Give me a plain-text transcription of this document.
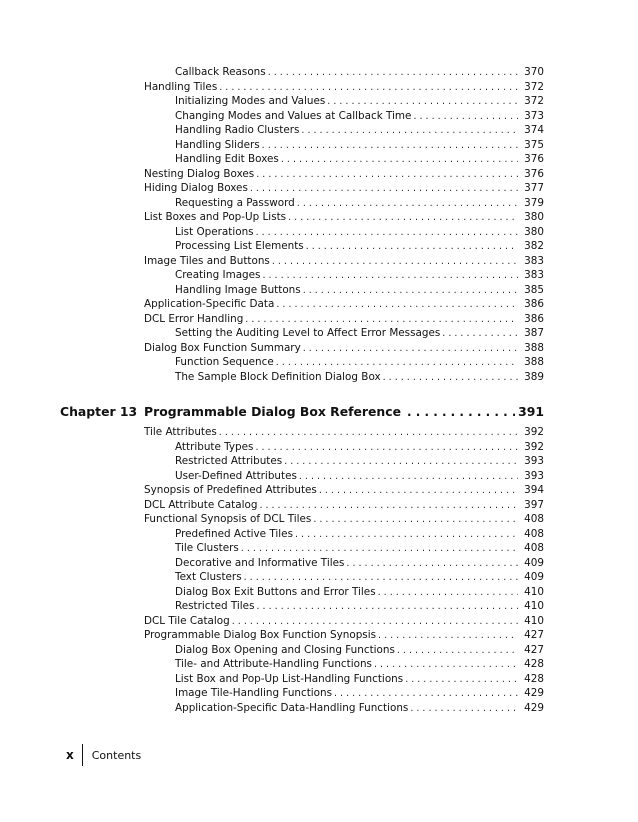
Callback Reasons . . .	370
Handling Tiles . . .	372
Initializing Modes and Values . . .	372
Changing Modes and Values at Callback Time . . .	373
Handling Radio Clusters . . .	374
Handling Sliders . . .	375
Handling Edit Boxes . . .	376
Nesting Dialog Boxes . . .	376
Hiding Dialog Boxes . . .	377
Requesting a Password . . .	379
List Boxes and Pop-Up Lists . . .	380
List Operations . . .	380
Processing List Elements . . .	382
Image Tiles and Buttons . . .	383
Creating Images . . .	383
Handling Image Buttons . . .	385
Application-Specific Data . . .	386
DCL Error Handling . . .	386
Setting the Auditing Level to Affect Error Messages . . .	387
Dialog Box Function Summary . . .	388
Function Sequence . . .	388
The Sample Block Definition Dialog Box . . .	389
Chapter 13 Programmable Dialog Box Reference . . .	391
Tile Attributes . . .	392
Attribute Types . . .	392
Restricted Attributes . . .	393
User-Defined Attributes . . .	393
Synopsis of Predefined Attributes . . .	394
DCL Attribute Catalog . . .	397
Functional Synopsis of DCL Tiles . . .	408
Predefined Active Tiles . . .	408
Tile Clusters . . .	408
Decorative and Informative Tiles . . .	409
Text Clusters . . .	409
Dialog Box Exit Buttons and Error Tiles . . .	410
Restricted Tiles . . .	410
DCL Tile Catalog . . .	410
Programmable Dialog Box Function Synopsis . . .	427
Dialog Box Opening and Closing Functions . . .	427
Tile- and Attribute-Handling Functions . . .	428
List Box and Pop-Up List-Handling Functions . . .	428
Image Tile-Handling Functions . . .	429
Application-Specific Data-Handling Functions . . .	429
x Contents
